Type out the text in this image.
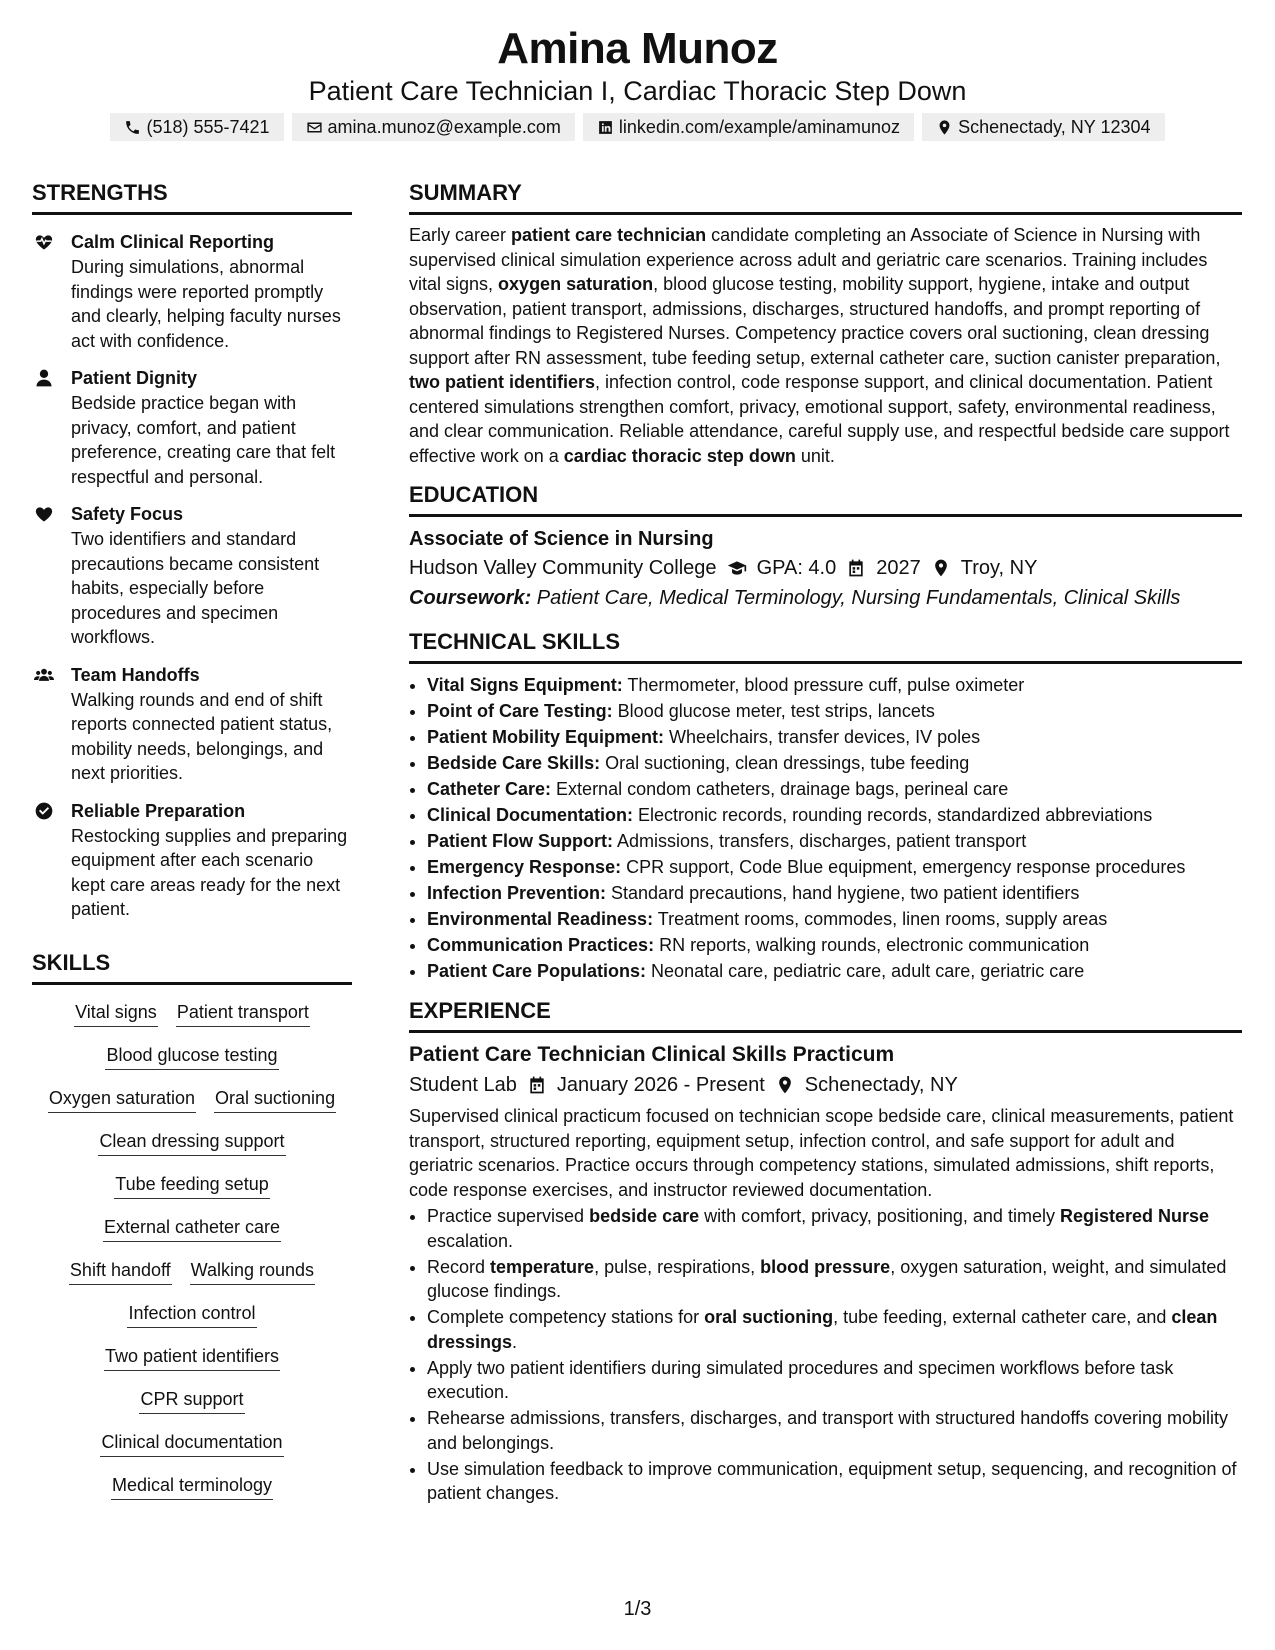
Amina Munoz
Patient Care Technician I, Cardiac Thoracic Step Down
(518) 555-7421	amina.munoz@example.com	linkedin.com/example/aminamunoz	Schenectady, NY 12304
STRENGTHS
Calm Clinical Reporting
During simulations, abnormal findings were reported promptly and clearly, helping faculty nurses act with confidence.
Patient Dignity
Bedside practice began with privacy, comfort, and patient preference, creating care that felt respectful and personal.
Safety Focus
Two identifiers and standard precautions became consistent habits, especially before procedures and specimen workflows.
Team Handoffs
Walking rounds and end of shift reports connected patient status, mobility needs, belongings, and next priorities.
Reliable Preparation
Restocking supplies and preparing equipment after each scenario kept care areas ready for the next patient.
SKILLS
Vital signs Patient transport
Blood glucose testing
Oxygen saturation Oral suctioning
Clean dressing support
Tube feeding setup
External catheter care
Shift handoff Walking rounds
Infection control
Two patient identifiers
CPR support
Clinical documentation
Medical terminology
SUMMARY

Early career patient care technician candidate completing an Associate of Science in Nursing with supervised clinical simulation experience across adult and geriatric care scenarios. Training includes vital signs, oxygen saturation, blood glucose testing, mobility support, hygiene, intake and output observation, patient transport, admissions, discharges, structured handoffs, and prompt reporting of abnormal findings to Registered Nurses. Competency practice covers oral suctioning, clean dressing support after RN assessment, tube feeding setup, external catheter care, suction canister preparation, two patient identifiers, infection control, code response support, and clinical documentation. Patient centered simulations strengthen comfort, privacy, emotional support, safety, environmental readiness, and clear communication. Reliable attendance, careful supply use, and respectful bedside care support effective work on a cardiac thoracic step down unit.

EDUCATION
Associate of Science in Nursing
Hudson Valley Community College GPA: 4.0 2027 Troy, NY
Coursework: Patient Care, Medical Terminology, Nursing Fundamentals, Clinical Skills
TECHNICAL SKILLS
• Vital Signs Equipment: Thermometer, blood pressure cuff, pulse oximeter
• Point of Care Testing: Blood glucose meter, test strips, lancets
• Patient Mobility Equipment: Wheelchairs, transfer devices, IV poles
• Bedside Care Skills: Oral suctioning, clean dressings, tube feeding
• Catheter Care: External condom catheters, drainage bags, perineal care
• Clinical Documentation: Electronic records, rounding records, standardized abbreviations
• Patient Flow Support: Admissions, transfers, discharges, patient transport
• Emergency Response: CPR support, Code Blue equipment, emergency response procedures
• Infection Prevention: Standard precautions, hand hygiene, two patient identifiers
• Environmental Readiness: Treatment rooms, commodes, linen rooms, supply areas
• Communication Practices: RN reports, walking rounds, electronic communication
• Patient Care Populations: Neonatal care, pediatric care, adult care, geriatric care
EXPERIENCE
Patient Care Technician Clinical Skills Practicum
Student Lab January 2026 - Present Schenectady, NY

Supervised clinical practicum focused on technician scope bedside care, clinical measurements, patient transport, structured reporting, equipment setup, infection control, and safe support for adult and geriatric scenarios. Practice occurs through competency stations, simulated admissions, shift reports, code response exercises, and instructor reviewed documentation.

• Practice supervised bedside care with comfort, privacy, positioning, and timely Registered Nurse escalation.
• Record temperature, pulse, respirations, blood pressure, oxygen saturation, weight, and simulated glucose findings.
• Complete competency stations for oral suctioning, tube feeding, external catheter care, and clean dressings.
• Apply two patient identifiers during simulated procedures and specimen workflows before task execution.
• Rehearse admissions, transfers, discharges, and transport with structured handoffs covering mobility and belongings.
• Use simulation feedback to improve communication, equipment setup, sequencing, and recognition of patient changes.
1/3
